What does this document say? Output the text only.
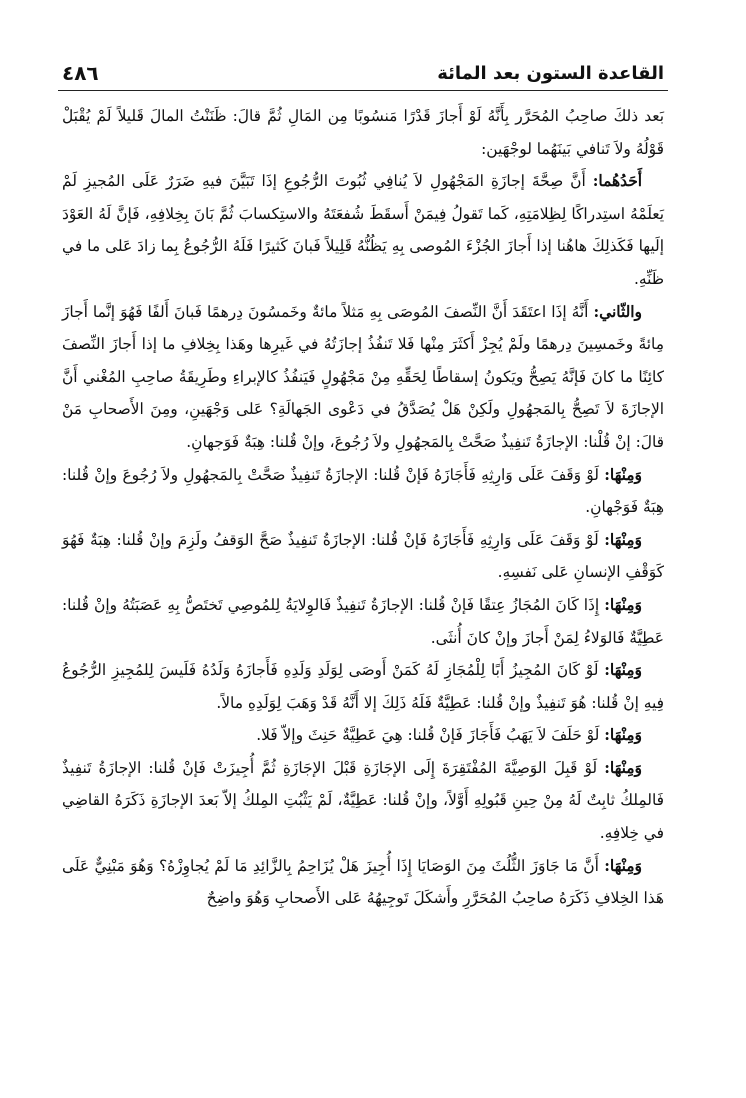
٤٨٦	القاعدة الستون بعد المائة

بَعد ذلكَ صاحِبُ المُحَرَّر بِأَنَّهُ لَوْ أَجازَ قَدْرًا مَنسُوبًا مِن المَالِ ثُمَّ قالَ: ظَنَنْتُ المالَ قَليلاً لَمْ يُقْبَلْ قَوْلُهُ ولاَ تَنافي بَينَهُما لوجْهَين:

أَحَدُهُما: أَنَّ صِحَّةَ إجازَةِ المَجْهُولِ لاَ يُنافِي ثُبُوتَ الرُّجُوعِ إذَا تَبَيَّنَ فيهِ ضَرَرٌ عَلَى المُجيزِ لَمْ يَعلَمْهُ استِدراكًا لِظِلامَتِهِ، كَما تَقولُ فِيمَنْ أَسقَطَ شُفعَتَهُ والاستِكسابَ ثُمَّ بَانَ بِخِلافِهِ، فَإنَّ لَهُ العَوْدَ إلَيها فَكَذلِكَ هاهُنا إذا أَجازَ الجُزْءَ المُوصى بِهِ يَظُنُّهُ قَلِيلاً فَبانَ كَثيرًا فَلَهُ الرُّجُوعُ بِما زادَ عَلى ما في ظَنِّهِ.

والثّاني: أَنَّهُ إذَا اعتَقَدَ أَنَّ النِّصفَ المُوصَى بِهِ مَثلاً مائةٌ وخَمسُونَ دِرهمًا فَبانَ أَلفًا فَهُوَ إنَّما أَجازَ مِائةً وخَمسِينَ دِرهمًا ولَمْ يُجِزْ أَكثَرَ مِنْها فَلا تَنفُذُ إجازَتُهُ في غَيرِها وهَذا بِخِلافِ ما إذا أَجازَ النِّصفَ كائِنًا ما كانَ فَإنَّهُ يَصِحُّ ويَكونُ إسقاطًا لِحَقِّهِ مِنْ مَجْهُولٍ فَيَنفُذُ كالإبراءِ وطَرِيقَةُ صاحِبِ المُغْني أَنَّ الإجازَةَ لاَ تَصِحُّ بِالمَجهُولِ ولَكِنْ هَلْ يُصَدَّقُ في دَعْوى الجَهالَةِ؟ عَلى وَجْهَينِ، ومِنَ الأَصحابِ مَنْ قالَ: إنْ قُلْنا: الإجازَةُ تَنفِيذٌ صَحَّتْ بِالمَجهُولِ ولاَ رُجُوعَ، وإنْ قُلنا: هِبَةٌ فَوَجهانِ.

وَمِنْهَا: لَوْ وَقَفَ عَلَى وَارِثِهِ فَأَجَازَهُ فَإنْ قُلنا: الإجازَةُ تَنفِيذٌ صَحَّتْ بِالمَجهُولِ ولاَ رُجُوعَ وإنْ قُلنا: هِبَةٌ فَوَجْهانِ.

وَمِنْهَا: لَوْ وَقَفَ عَلَى وَارِثِهِ فَأَجَازَهُ فَإنْ قُلنا: الإجازَةُ تَنفِيذٌ صَحَّ الوَقفُ ولَزِمَ وإنْ قُلنا: هِبَةٌ فَهُوَ كَوَقْفِ الإنسانِ عَلى نَفسِهِ.

وَمِنْهَا: إِذَا كَانَ المُجَازُ عِتقًا فَإنْ قُلنا: الإجازَةُ تَنفِيذٌ فَالوِلايَةُ لِلمُوصِي تَختَصُّ بِهِ عَصَبَتُهُ وإنْ قُلنا: عَطِيَّةٌ فَالوَلاءُ لِمَنْ أَجازَ وإنْ كانَ أُنثَى.

وَمِنْهَا: لَوْ كَانَ المُجِيزُ أَبًا لِلْمُجَازِ لَهُ كَمَنْ أَوصَى لِوَلَدِ وَلَدِهِ فَأَجازَهُ وَلَدُهُ فَلَيسَ لِلمُجِيزِ الرُّجُوعُ فِيهِ إنْ قُلنا: هُوَ تَنفِيذٌ وإنْ قُلنا: عَطِيَّةٌ فَلَهُ ذَلِكَ إلا أَنَّهُ قَدْ وَهَبَ لِوَلَدِهِ مالاً.

وَمِنْهَا: لَوْ حَلَفَ لاَ يَهَبُ فَأَجَازَ فَإنْ قُلنا: هِيَ عَطِيَّةٌ حَنِثَ وإلاّ فَلا.

وَمِنْهَا: لَوْ قَبِلَ الوَصِيَّةَ المُفْتَقِرَةَ إِلَى الإجَازَةِ قَبْلَ الإجَازَةِ ثُمَّ أُجِيزَتْ فَإنْ قُلنا: الإجازَةُ تَنفِيذٌ فَالمِلكُ ثابِتٌ لَهُ مِنْ حِينِ قَبُولِهِ أَوَّلاً، وإنْ قُلنا: عَطِيَّةٌ، لَمْ يَثْبُتِ المِلكُ إلاّ بَعدَ الإجازَةِ ذَكَرَهُ القاضِي في خِلافِهِ.

وَمِنْهَا: أَنَّ مَا جَاوَزَ الثُّلُثَ مِنَ الوَصَايَا إِذَا أُجِيزَ هَلْ يُزَاحِمُ بِالزَّائِدِ مَا لَمْ يُجاوِزْهُ؟ وَهُوَ مَبْنِيٌّ عَلَى هَذا الخِلافِ ذَكَرَهُ صاحِبُ المُحَرَّرِ وأَشكَلَ تَوجِيهُهُ عَلى الأَصحابِ وَهُوَ واضِحٌ
